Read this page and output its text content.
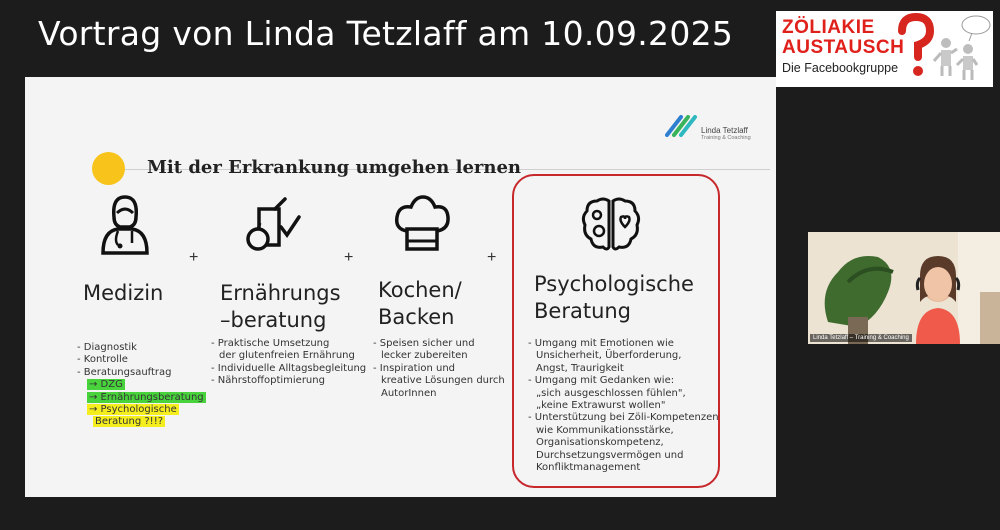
Vortrag von Linda Tetzlaff am 10.09.2025	ZÖLIAKIE
AUSTAUSCH
Die Facebookgruppe
Linda Tetzlaff
Training & Coaching
Mit der Erkrankung umgehen lernen
+	+	+
Medizin	Ernährungs
–beratung
Kochen/
Backen
Psychologische
Beratung
- Diagnostik
- Kontrolle
- Beratungsauftrag
→ DZG
→ Ernährungsberatung
→ Psychologische
Beratung ?!!?
- Praktische Umsetzung
der glutenfreien Ernährung
- Individuelle Alltagsbegleitung
- Nährstoffoptimierung
- Speisen sicher und
lecker zubereiten
- Inspiration und
kreative Lösungen durch
AutorInnen
- Umgang mit Emotionen wie
Unsicherheit, Überforderung,
Angst, Traurigkeit
- Umgang mit Gedanken wie:
„sich ausgeschlossen fühlen",
„keine Extrawurst wollen"
- Unterstützung bei Zöli-Kompetenzen
wie Kommunikationsstärke,
Organisationskompetenz,
Durchsetzungsvermögen und
Konfliktmanagement
Linda Tetzlaff – Training & Coaching
